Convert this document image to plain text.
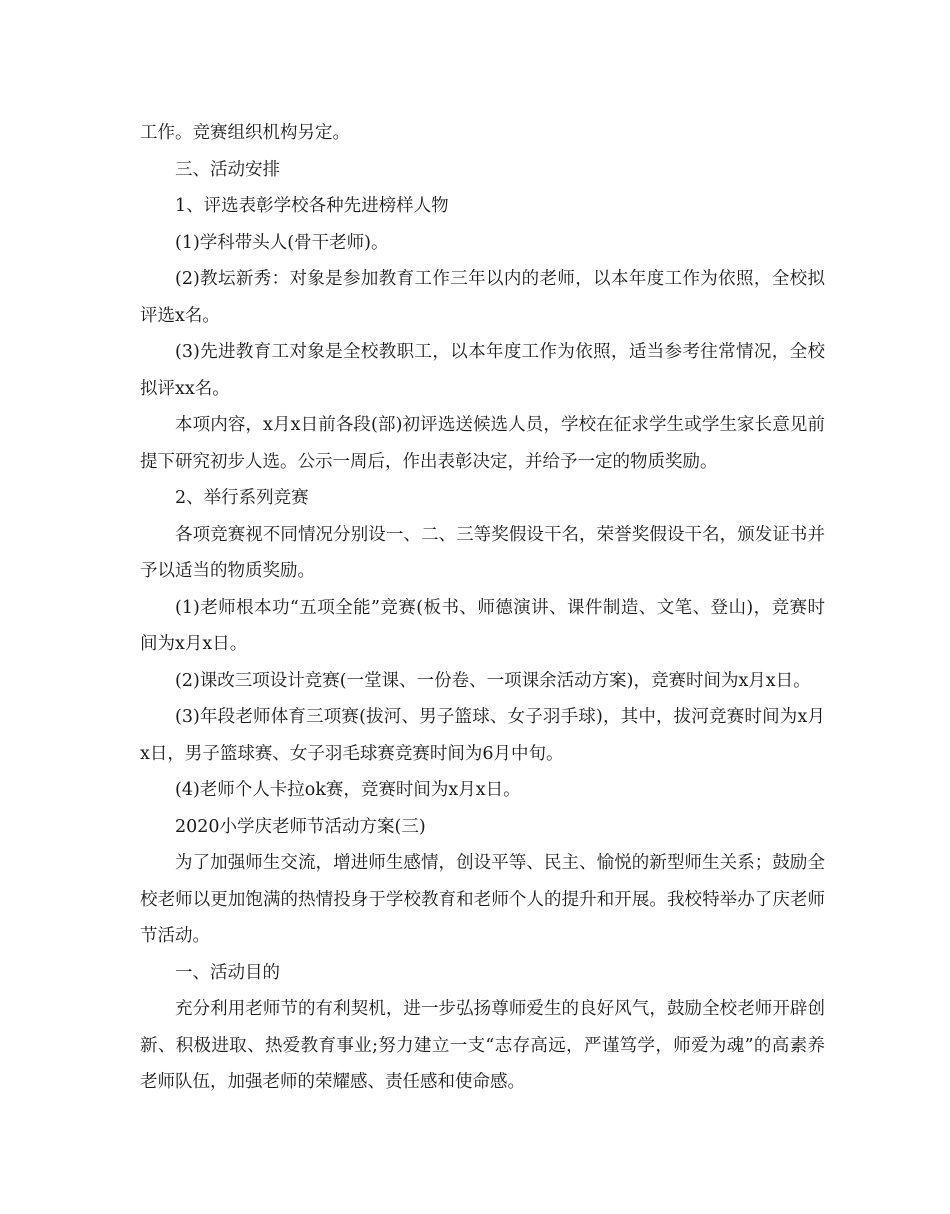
工作。竞赛组织机构另定。

三、活动安排

1、评选表彰学校各种先进榜样人物

(1)学科带头人(骨干老师)。

(2)教坛新秀：对象是参加教育工作三年以内的老师，以本年度工作为依照，全校拟评选x名。

(3)先进教育工对象是全校教职工，以本年度工作为依照，适当参考往常情况，全校拟评xx名。

本项内容，x月x日前各段(部)初评选送候选人员，学校在征求学生或学生家长意见前提下研究初步人选。公示一周后，作出表彰决定，并给予一定的物质奖励。

2、举行系列竞赛

各项竞赛视不同情况分别设一、二、三等奖假设干名，荣誉奖假设干名，颁发证书并予以适当的物质奖励。

(1)老师根本功“五项全能”竞赛(板书、师德演讲、课件制造、文笔、登山)，竞赛时间为x月x日。

(2)课改三项设计竞赛(一堂课、一份卷、一项课余活动方案)，竞赛时间为x月x日。

(3)年段老师体育三项赛(拔河、男子篮球、女子羽手球)，其中，拔河竞赛时间为x月x日，男子篮球赛、女子羽毛球赛竞赛时间为6月中旬。

(4)老师个人卡拉ok赛，竞赛时间为x月x日。

2020小学庆老师节活动方案(三)

为了加强师生交流，增进师生感情，创设平等、民主、愉悦的新型师生关系；鼓励全校老师以更加饱满的热情投身于学校教育和老师个人的提升和开展。我校特举办了庆老师节活动。

一、活动目的

充分利用老师节的有利契机，进一步弘扬尊师爱生的良好风气，鼓励全校老师开辟创新、积极进取、热爱教育事业;努力建立一支“志存高远，严谨笃学，师爱为魂”的高素养老师队伍，加强老师的荣耀感、责任感和使命感。
